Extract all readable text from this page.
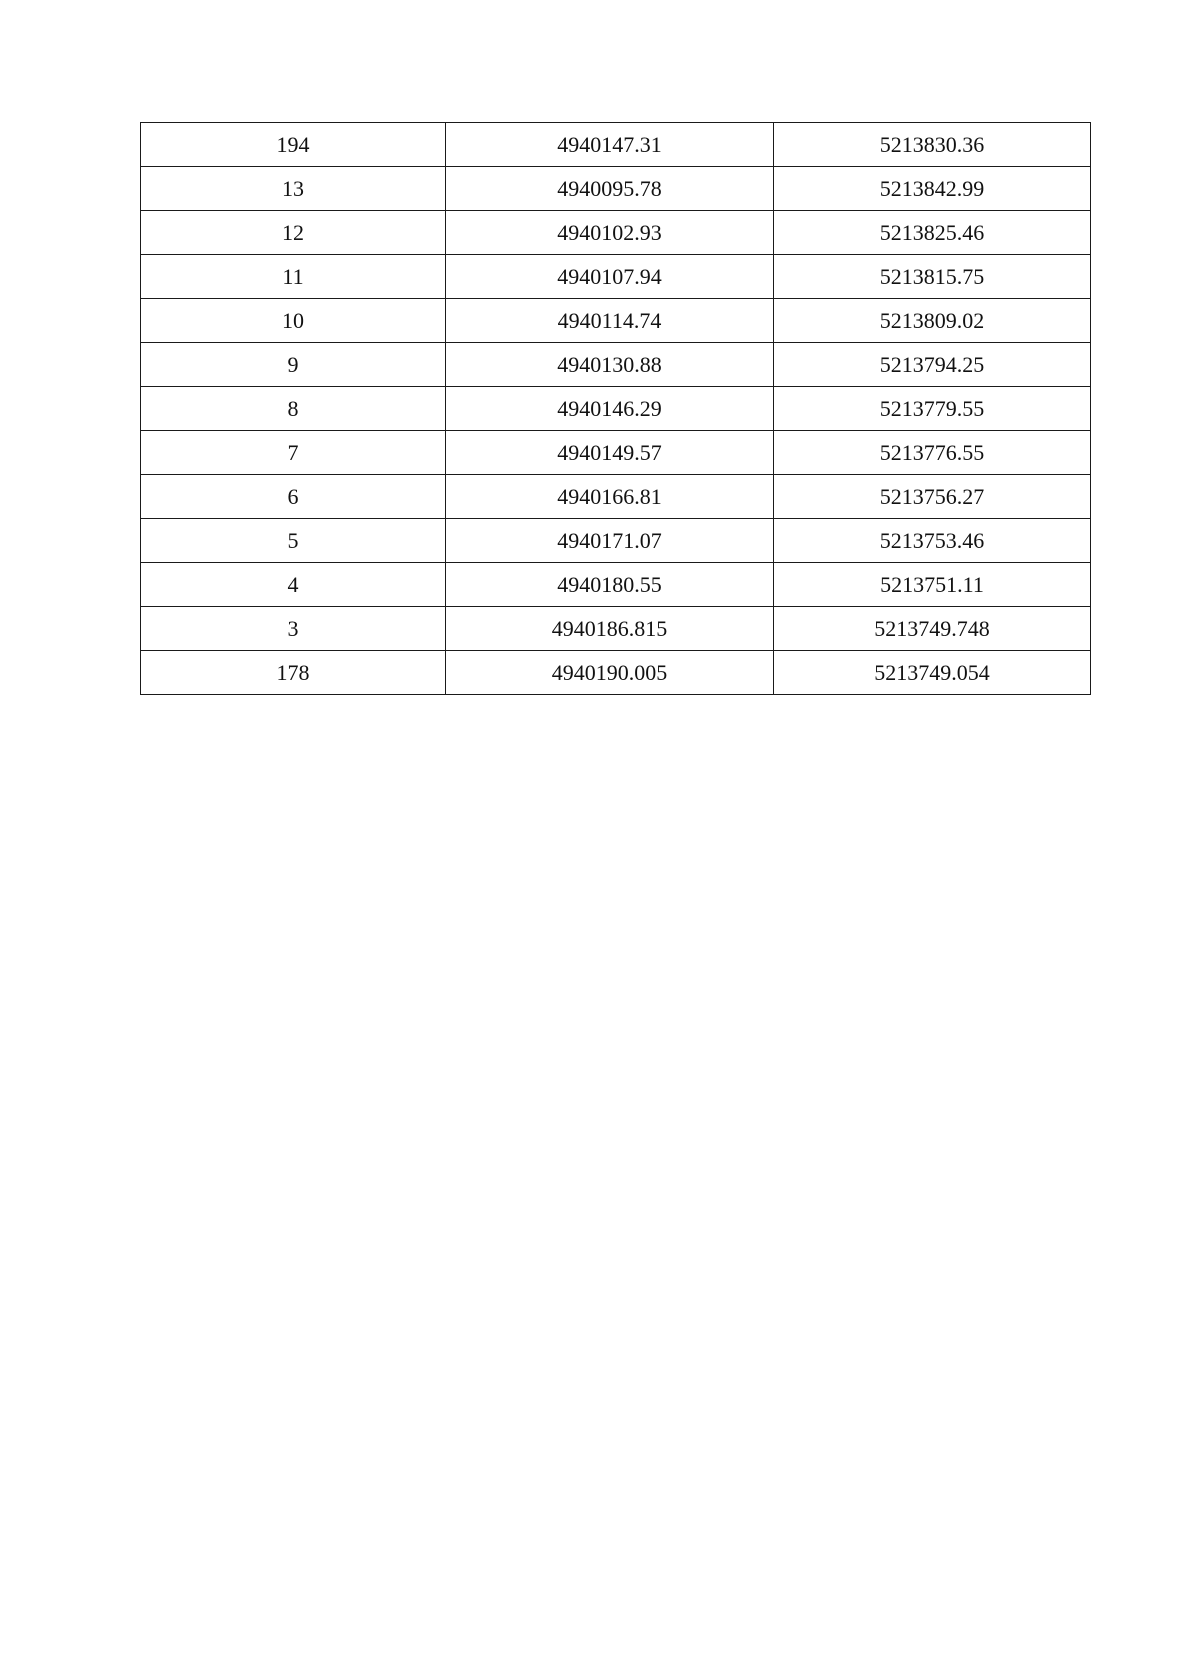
194	4940147.31	5213830.36
13	4940095.78	5213842.99
12	4940102.93	5213825.46
11	4940107.94	5213815.75
10	4940114.74	5213809.02
9	4940130.88	5213794.25
8	4940146.29	5213779.55
7	4940149.57	5213776.55
6	4940166.81	5213756.27
5	4940171.07	5213753.46
4	4940180.55	5213751.11
3	4940186.815	5213749.748
178	4940190.005	5213749.054
